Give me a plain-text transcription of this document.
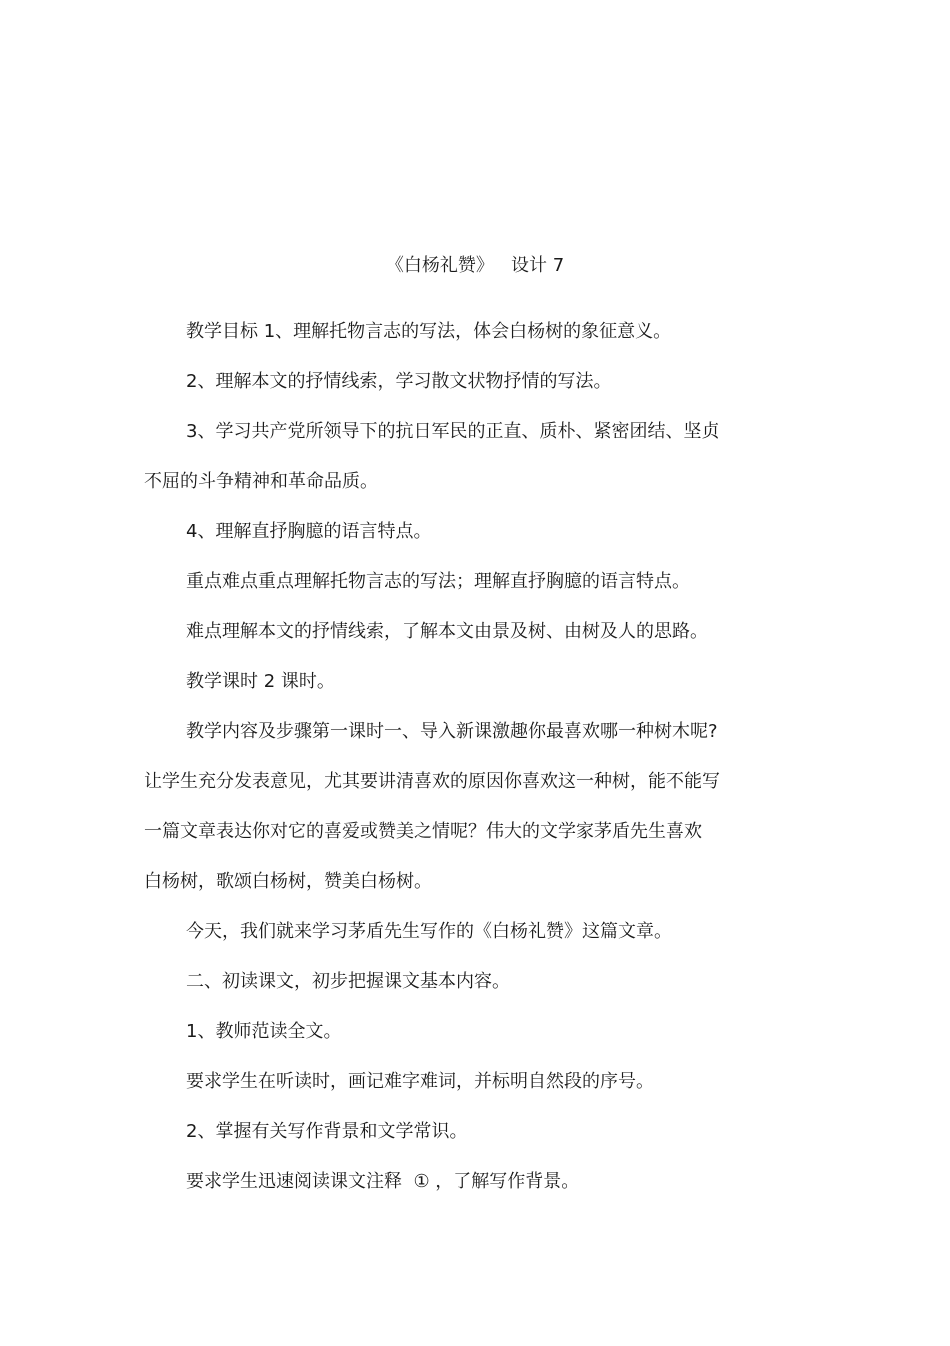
《白杨礼赞》   设计 7
教学目标 1、理解托物言志的写法，体会白杨树的象征意义。
2、理解本文的抒情线索，学习散文状物抒情的写法。
3、学习共产党所领导下的抗日军民的正直、质朴、紧密团结、坚贞
不屈的斗争精神和革命品质。
4、理解直抒胸臆的语言特点。
重点难点重点理解托物言志的写法；理解直抒胸臆的语言特点。
难点理解本文的抒情线索，了解本文由景及树、由树及人的思路。
教学课时 2 课时。
教学内容及步骤第一课时一、导入新课激趣你最喜欢哪一种树木呢?
让学生充分发表意见，尤其要讲清喜欢的原因你喜欢这一种树，能不能写
一篇文章表达你对它的喜爱或赞美之情呢？伟大的文学家茅盾先生喜欢
白杨树，歌颂白杨树，赞美白杨树。
今天，我们就来学习茅盾先生写作的《白杨礼赞》这篇文章。
二、初读课文，初步把握课文基本内容。
1、教师范读全文。
要求学生在听读时，画记难字难词，并标明自然段的序号。
2、掌握有关写作背景和文学常识。
要求学生迅速阅读课文注释  ① ，了解写作背景。
